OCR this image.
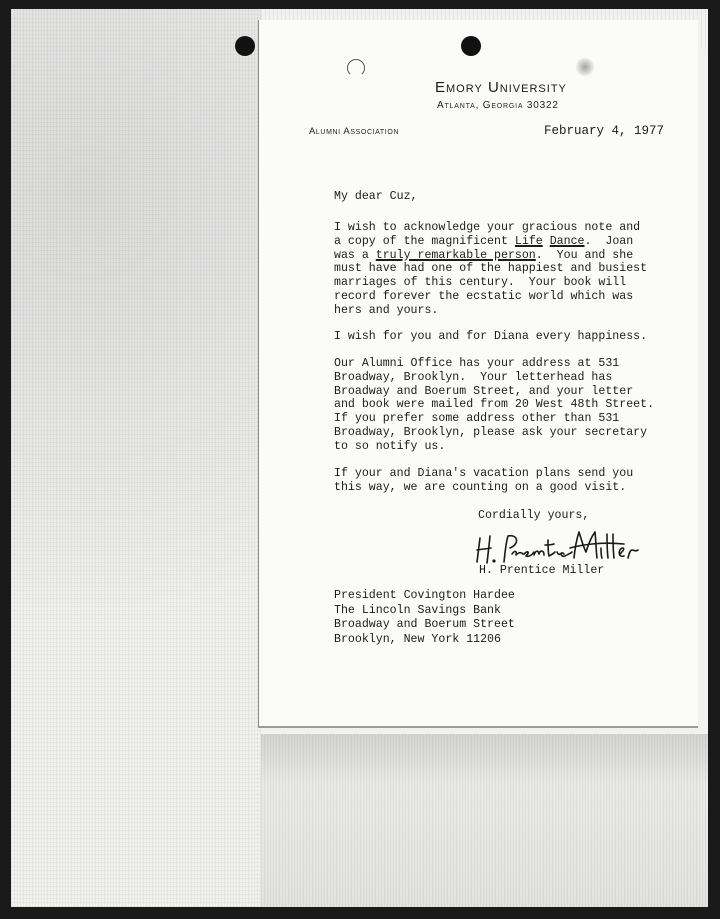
Emory University
Atlanta, Georgia 30322
Alumni Association	February 4, 1977
My dear Cuz,
I wish to acknowledge your gracious note and
a copy of the magnificent Life Dance.  Joan
was a truly remarkable person.  You and she
must have had one of the happiest and busiest
marriages of this century.  Your book will
record forever the ecstatic world which was
hers and yours.
I wish for you and for Diana every happiness.
Our Alumni Office has your address at 531
Broadway, Brooklyn.  Your letterhead has
Broadway and Boerum Street, and your letter
and book were mailed from 20 West 48th Street.
If you prefer some address other than 531
Broadway, Brooklyn, please ask your secretary
to so notify us.
If your and Diana's vacation plans send you
this way, we are counting on a good visit.
Cordially yours,
H. Prentice Miller
President Covington Hardee
The Lincoln Savings Bank
Broadway and Boerum Street
Brooklyn, New York 11206
